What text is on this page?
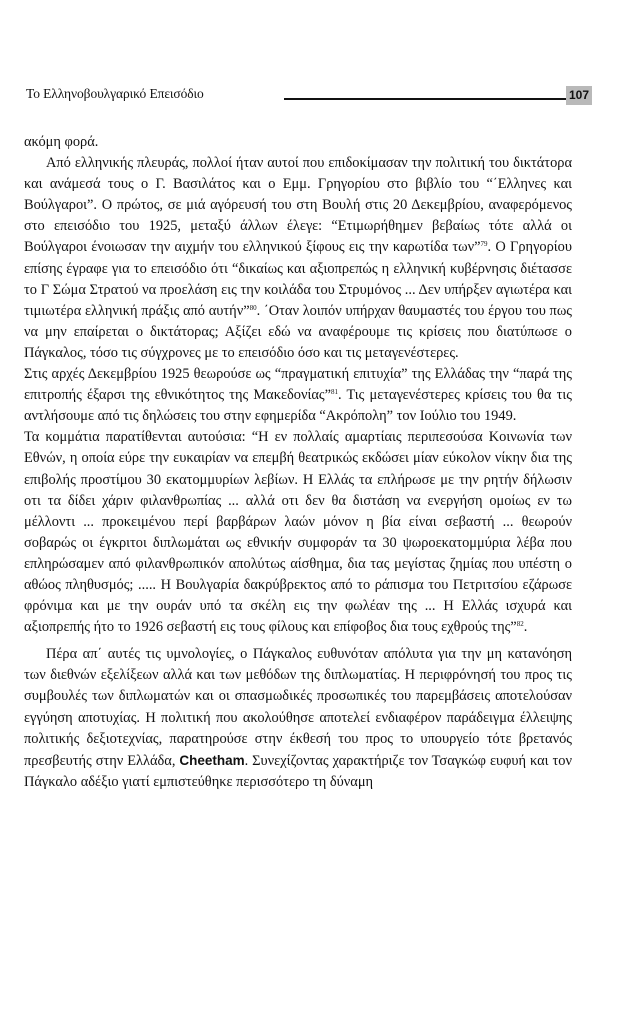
Το Ελληνοβουλγαρικό Επεισόδιο	107

ακόμη φορά.

Από ελληνικής πλευράς, πολλοί ήταν αυτοί που επιδοκίμασαν την πολιτική του δικτάτορα και ανάμεσά τους ο Γ. Βασιλάτος και ο Εμμ. Γρηγορίου στο βιβλίο του “΄Ελληνες και Βούλγαροι”. Ο πρώτος, σε μιά αγόρευσή του στη Βουλή στις 20 Δεκεμβρίου, αναφερόμενος στο επεισόδιο του 1925, μεταξύ άλλων έλεγε: “Ετιμωρήθημεν βεβαίως τότε αλλά οι Βούλγαροι ένοιωσαν την αιχμήν του ελληνικού ξίφους εις την καρωτίδα των”$^{79}$. Ο Γρηγορίου επίσης έγραφε για το επεισόδιο ότι “δικαίως και αξιοπρεπώς η ελληνική κυβέρνησις διέτασσε το Γ Σώμα Στρατού να προελάση εις την κοιλάδα του Στρυμόνος ... Δεν υπήρξεν αγιωτέρα και τιμιωτέρα ελληνική πράξις από αυτήν”$^{80}$. ΄Οταν λοιπόν υπήρχαν θαυμαστές του έργου του πως να μην επαίρεται ο δικτάτορας; Αξίζει εδώ να αναφέρουμε τις κρίσεις που διατύπωσε ο Πάγκαλος, τόσο τις σύγχρονες με το επεισόδιο όσο και τις μεταγενέστερες.

Στις αρχές Δεκεμβρίου 1925 θεωρούσε ως “πραγματική επιτυχία” της Ελλάδας την “παρά της επιτροπής έξαρσι της εθνικότητος της Μακεδονίας”$^{81}$. Τις μεταγενέστερες κρίσεις του θα τις αντλήσουμε από τις δηλώσεις του στην εφημερίδα “Ακρόπολη” τον Ιούλιο του 1949.

Τα κομμάτια παρατίθενται αυτούσια: “Η εν πολλαίς αμαρτίαις περιπεσούσα Κοινωνία των Εθνών, η οποία εύρε την ευκαιρίαν να επεμβή θεατρικώς εκδώσει μίαν εύκολον νίκην δια της επιβολής προστίμου 30 εκατομμυρίων λεβίων. Η Ελλάς τα επλήρωσε με την ρητήν δήλωσιν οτι τα δίδει χάριν φιλανθρωπίας ... αλλά οτι δεν θα διστάση να ενεργήση ομοίως εν τω μέλλοντι ... προκειμένου περί βαρβάρων λαών μόνον η βία είναι σεβαστή ... θεωρούν σοβαρώς οι έγκριτοι διπλωμάται ως εθνικήν συμφοράν τα 30 ψωροεκατομμύρια λέβα που επληρώσαμεν από φιλανθρωπικόν απολύτως αίσθημα, δια τας μεγίστας ζημίας που υπέστη ο αθώος πληθυσμός; ..... Η Βουλγαρία δακρύβρεκτος από το ράπισμα του Πετριτσίου εζάρωσε φρόνιμα και με την ουράν υπό τα σκέλη εις την φωλέαν της ... Η Ελλάς ισχυρά και αξιοπρεπής ήτο το 1926 σεβαστή εις τους φίλους και επίφοβος δια τους εχθρούς της”$^{82}$.

Πέρα απ΄ αυτές τις υμνολογίες, ο Πάγκαλος ευθυνόταν απόλυτα για την μη κατανόηση των διεθνών εξελίξεων αλλά και των μεθόδων της διπλωματίας. Η περιφρόνησή του προς τις συμβουλές των διπλωματών και οι σπασμωδικές προσωπικές του παρεμβάσεις αποτελούσαν εγγύηση αποτυχίας. Η πολιτική που ακολούθησε αποτελεί ενδιαφέρον παράδειγμα έλλειψης πολιτικής δεξιοτεχνίας, παρατηρούσε στην έκθεσή του προς το υπουργείο τότε βρετανός πρεσβευτής στην Ελλάδα, Cheetham. Συνεχίζοντας χαρακτήριζε τον Τσαγκώφ ευφυή και τον Πάγκαλο αδέξιο γιατί εμπιστεύθηκε περισσότερο τη δύναμη
